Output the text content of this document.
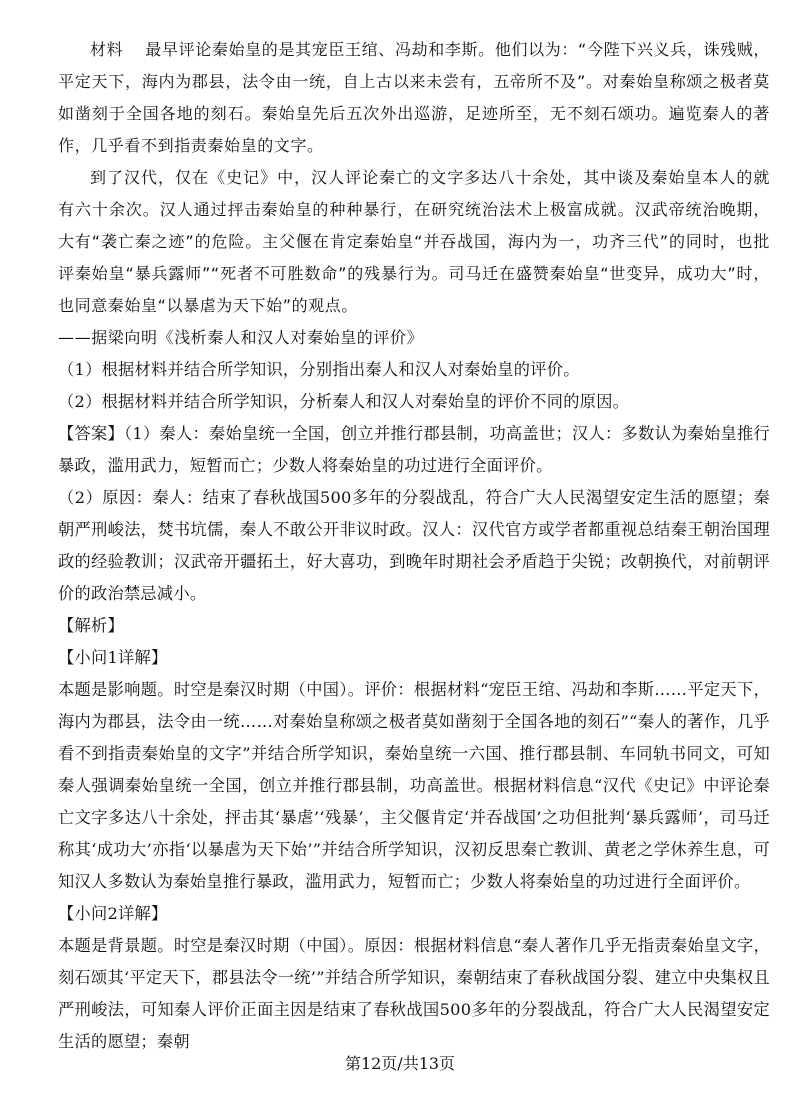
材料 最早评论秦始皇的是其宠臣王绾、冯劫和李斯。他们以为：“今陛下兴义兵，诛残贼，平定天下，海内为郡县，法令由一统，自上古以来未尝有，五帝所不及”。对秦始皇称颂之极者莫如凿刻于全国各地的刻石。秦始皇先后五次外出巡游，足迹所至，无不刻石颂功。遍览秦人的著作，几乎看不到指责秦始皇的文字。

到了汉代，仅在《史记》中，汉人评论秦亡的文字多达八十余处，其中谈及秦始皇本人的就有六十余次。汉人通过抨击秦始皇的种种暴行，在研究统治法术上极富成就。汉武帝统治晚期，大有“袭亡秦之迹”的危险。主父偃在肯定秦始皇“并吞战国，海内为一，功齐三代”的同时，也批评秦始皇“暴兵露师”“死者不可胜数命”的残暴行为。司马迁在盛赞秦始皇“世变异，成功大”时，也同意秦始皇“以暴虐为天下始”的观点。

——据梁向明《浅析秦人和汉人对秦始皇的评价》

（1）根据材料并结合所学知识，分别指出秦人和汉人对秦始皇的评价。

（2）根据材料并结合所学知识，分析秦人和汉人对秦始皇的评价不同的原因。

【答案】（1）秦人：秦始皇统一全国，创立并推行郡县制，功高盖世；汉人：多数认为秦始皇推行暴政，滥用武力，短暂而亡；少数人将秦始皇的功过进行全面评价。

（2）原因：秦人：结束了春秋战国500多年的分裂战乱，符合广大人民渴望安定生活的愿望；秦朝严刑峻法，焚书坑儒，秦人不敢公开非议时政。汉人：汉代官方或学者都重视总结秦王朝治国理政的经验教训；汉武帝开疆拓土，好大喜功，到晚年时期社会矛盾趋于尖锐；改朝换代，对前朝评价的政治禁忌减小。

【解析】

【小问1详解】

本题是影响题。时空是秦汉时期（中国）。评价：根据材料“宠臣王绾、冯劫和李斯……平定天下，海内为郡县，法令由一统……对秦始皇称颂之极者莫如凿刻于全国各地的刻石”“秦人的著作，几乎看不到指责秦始皇的文字”并结合所学知识，秦始皇统一六国、推行郡县制、车同轨书同文，可知秦人强调秦始皇统一全国，创立并推行郡县制，功高盖世。根据材料信息“汉代《史记》中评论秦亡文字多达八十余处，抨击其‘暴虐’‘残暴’，主父偃肯定‘并吞战国’之功但批判‘暴兵露师’，司马迁称其‘成功大’亦指‘以暴虐为天下始’”并结合所学知识，汉初反思秦亡教训、黄老之学休养生息，可知汉人多数认为秦始皇推行暴政，滥用武力，短暂而亡；少数人将秦始皇的功过进行全面评价。

【小问2详解】

本题是背景题。时空是秦汉时期（中国）。原因：根据材料信息“秦人著作几乎无指责秦始皇文字，刻石颂其‘平定天下，郡县法令一统’”并结合所学知识，秦朝结束了春秋战国分裂、建立中央集权且严刑峻法，可知秦人评价正面主因是结束了春秋战国500多年的分裂战乱，符合广大人民渴望安定生活的愿望；秦朝

第12页/共13页
